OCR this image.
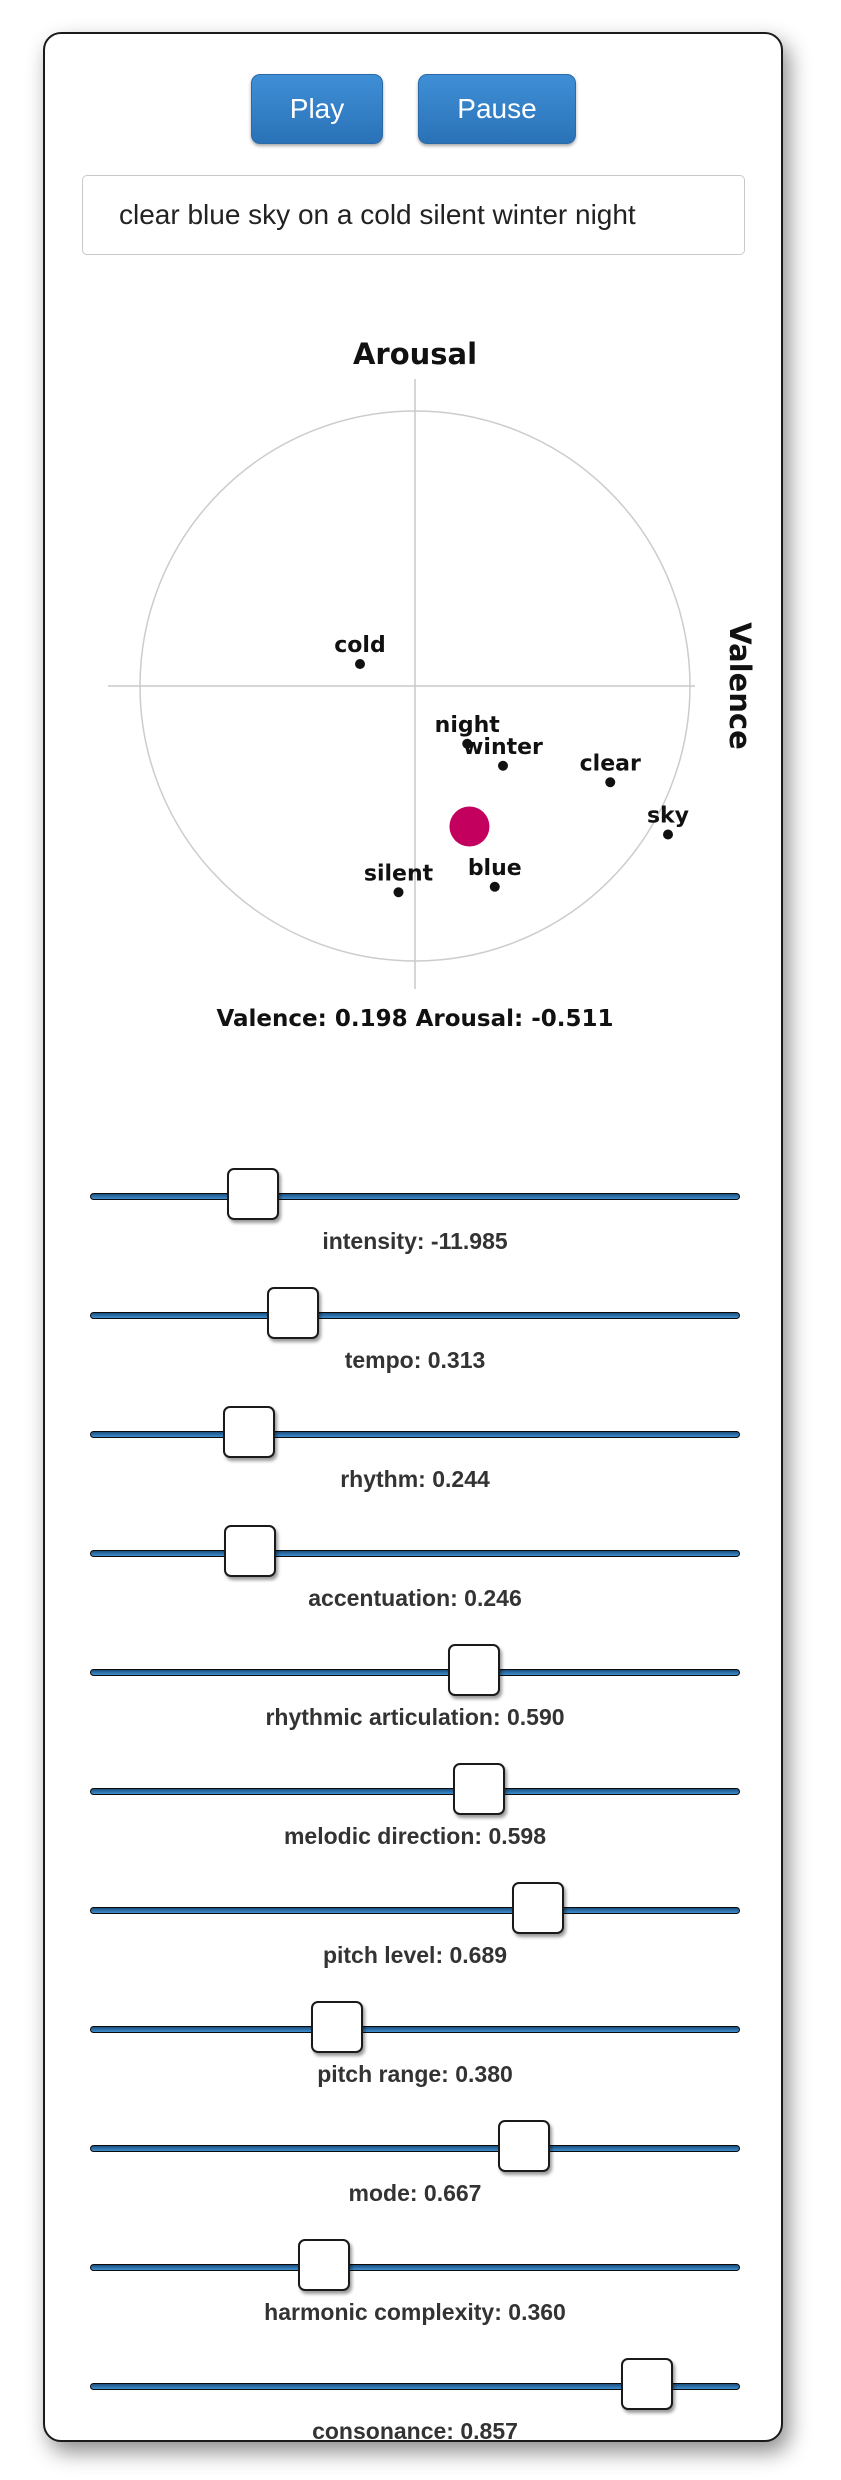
Play	Pause
clear blue sky on a cold silent winter night
Arousal
Valence
cold
night
winter
clear
sky
blue
silent
Valence: 0.198 Arousal: -0.511
intensity: -11.985
tempo: 0.313
rhythm: 0.244
accentuation: 0.246
rhythmic articulation: 0.590
melodic direction: 0.598
pitch level: 0.689
pitch range: 0.380
mode: 0.667
harmonic complexity: 0.360
consonance: 0.857
